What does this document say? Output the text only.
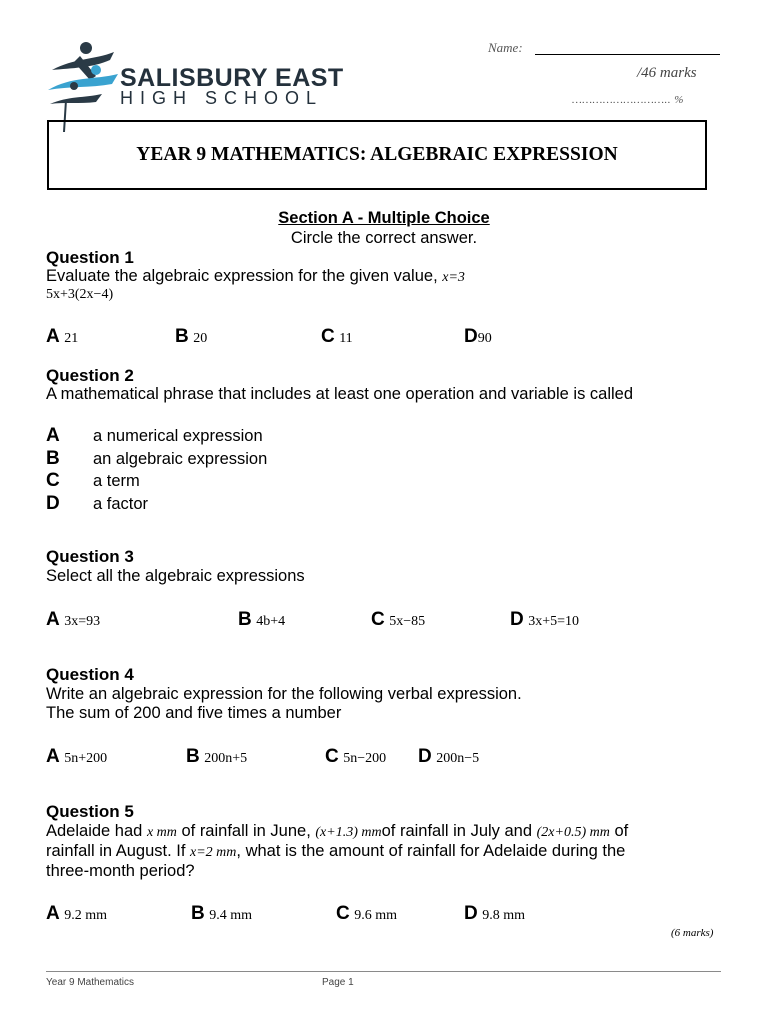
SALISBURY EAST
HIGH SCHOOL
Name:
/46 marks
……………………….. %
YEAR 9 MATHEMATICS: ALGEBRAIC EXPRESSION
Section A - Multiple Choice
Circle the correct answer.
Question 1
Evaluate the algebraic expression for the given value, x=3
5x+3(2x−4)
A 21	B 20	C 11	D90
Question 2
A mathematical phrase that includes at least one operation and variable is called
A a numerical expression
B an algebraic expression
C a term
D a factor
Question 3
Select all the algebraic expressions
A 3x=93	B 4b+4	C 5x−85	D 3x+5=10
Question 4
Write an algebraic expression for the following verbal expression.
The sum of 200 and five times a number
A 5n+200	B 200n+5	C 5n−200 D 200n−5
Question 5
Adelaide had x mm of rainfall in June, (x+1.3) mmof rainfall in July and (2x+0.5) mm of
rainfall in August. If x=2 mm, what is the amount of rainfall for Adelaide during the
three-month period?
A 9.2 mm	B 9.4 mm	C 9.6 mm	D 9.8 mm
(6 marks)
Year 9 Mathematics	Page 1
